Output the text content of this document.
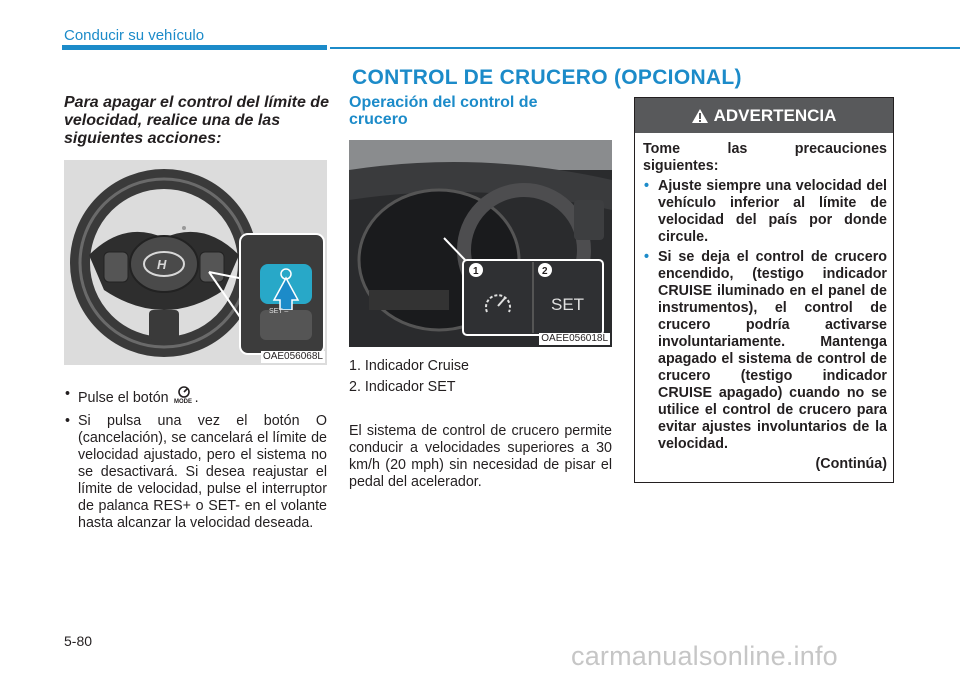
Conducir su vehículo
CONTROL DE CRUCERO (OPCIONAL)
Para apagar el control del límite de velocidad, realice una de las siguientes acciones:
H
SET –
OAE056068L
• Pulse el botón MODE .
• Si pulsa una vez el botón O (cancelación), se cancelará el límite de velocidad ajustado, pero el sistema no se desactivará. Si desea reajustar el límite de velocidad, pulse el interruptor de palanca RES+ o SET- en el volante hasta alcanzar la velocidad deseada.
Operación del control de crucero
1	2
SET
OAEE056018L
1. Indicador Cruise
2. Indicador SET
El sistema de control de crucero permite conducir a velocidades superiores a 30 km/h (20 mph) sin necesidad de pisar el pedal del acelerador.
ADVERTENCIA
Tome las precauciones
siguientes:
• Ajuste siempre una velocidad del vehículo inferior al límite de velocidad del país por donde circule.
• Si se deja el control de crucero encendido, (testigo indicador CRUISE iluminado en el panel de instrumentos), el control de crucero podría activarse involuntariamente. Mantenga apagado el sistema de control de crucero (testigo indicador CRUISE apagado) cuando no se utilice el control de crucero para evitar ajustes involuntarios de la velocidad.
(Continúa)
5-80	carmanualsonline.info
